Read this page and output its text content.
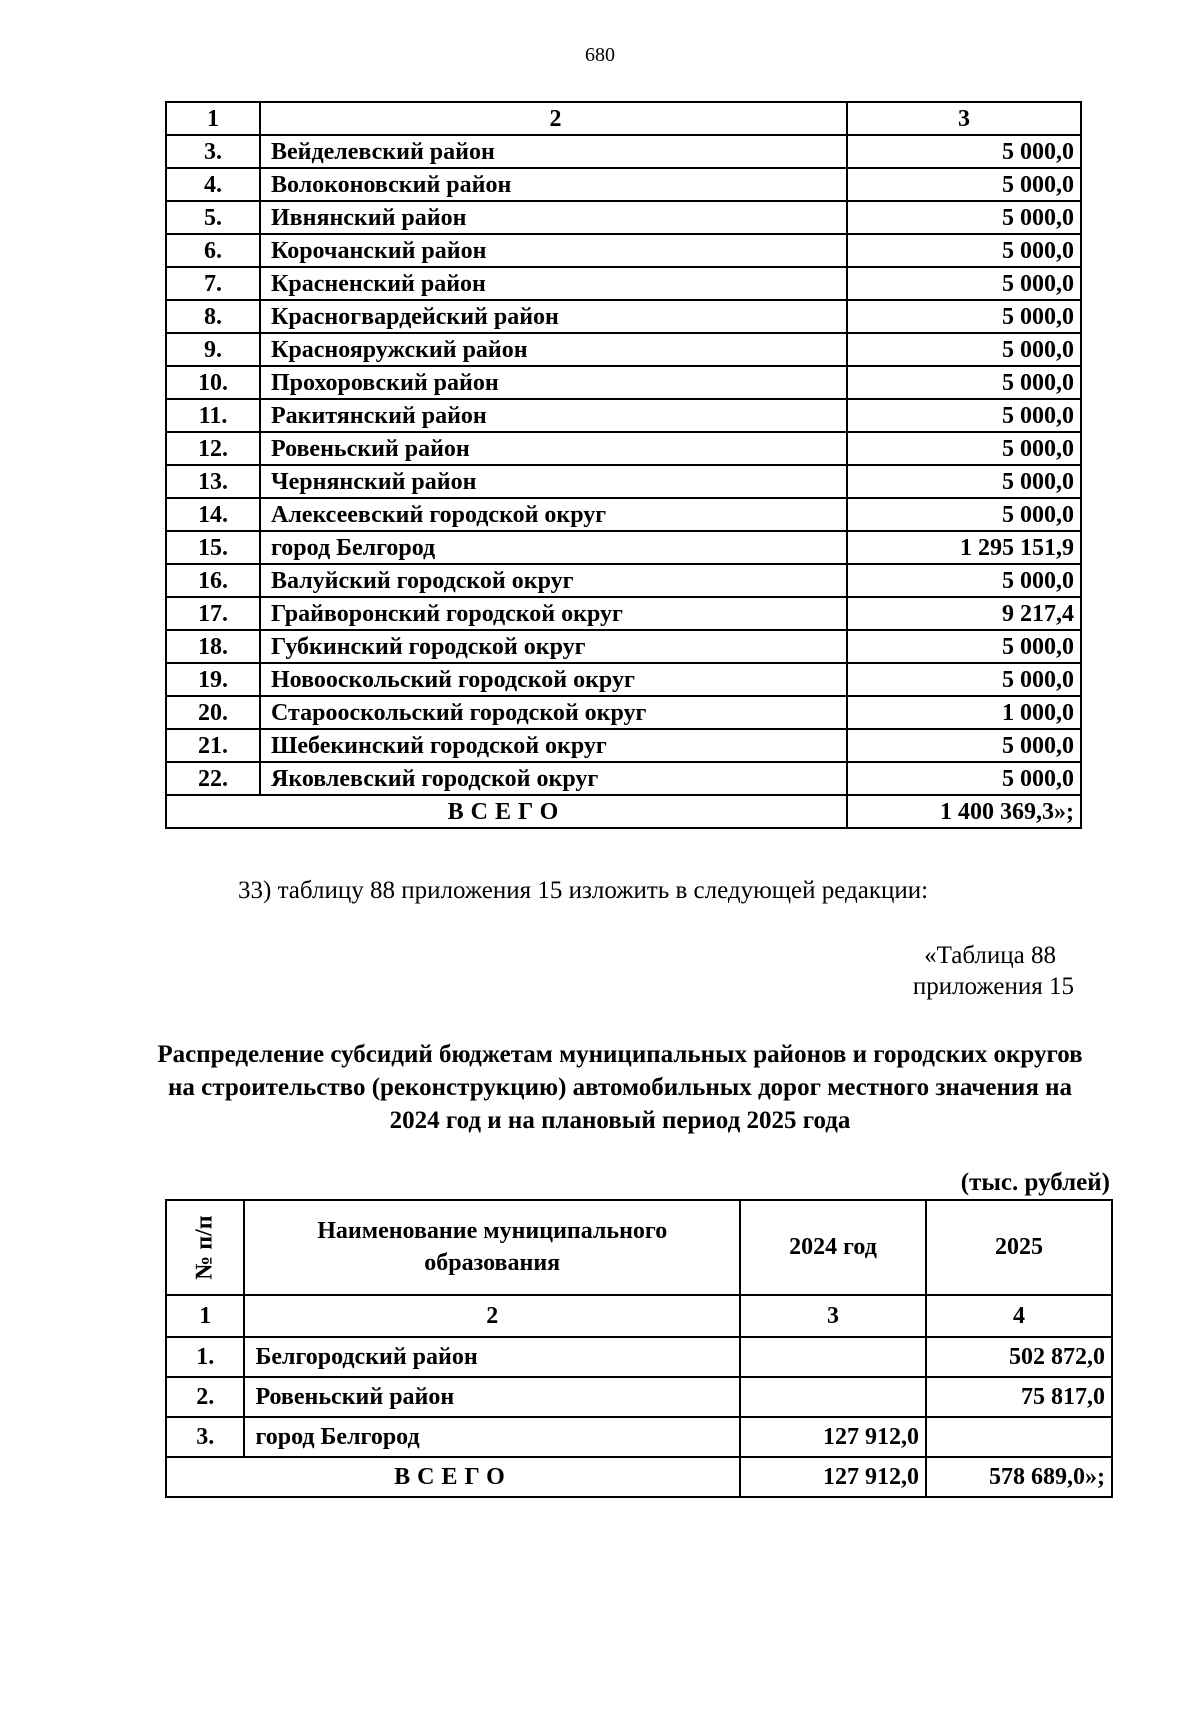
680
1	2	3
3.	Вейделевский район	5 000,0
4.	Волоконовский район	5 000,0
5.	Ивнянский район	5 000,0
6.	Корочанский район	5 000,0
7.	Красненский район	5 000,0
8.	Красногвардейский район	5 000,0
9.	Краснояружский район	5 000,0
10.	Прохоровский район	5 000,0
11.	Ракитянский район	5 000,0
12.	Ровеньский район	5 000,0
13.	Чернянский район	5 000,0
14.	Алексеевский городской округ	5 000,0
15.	город Белгород	1 295 151,9
16.	Валуйский городской округ	5 000,0
17.	Грайворонский городской округ	9 217,4
18.	Губкинский городской округ	5 000,0
19.	Новооскольский городской округ	5 000,0
20.	Старооскольский городской округ	1 000,0
21.	Шебекинский городской округ	5 000,0
22.	Яковлевский городской округ	5 000,0
ВСЕГО		1 400 369,3»;
33) таблицу 88 приложения 15 изложить в следующей редакции:
«Таблица 88
приложения 15
Распределение субсидий бюджетам муниципальных районов и городских округов на строительство (реконструкцию) автомобильных дорог местного значения на 2024 год и на плановый период 2025 года
(тыс. рублей)
№ п/п	Наименование муниципального образования	2024 год	2025
1	2	3	4
1.	Белгородский район		502 872,0
2.	Ровеньский район		75 817,0
3.	город Белгород	127 912,0	
ВСЕГО		127 912,0	578 689,0»;
